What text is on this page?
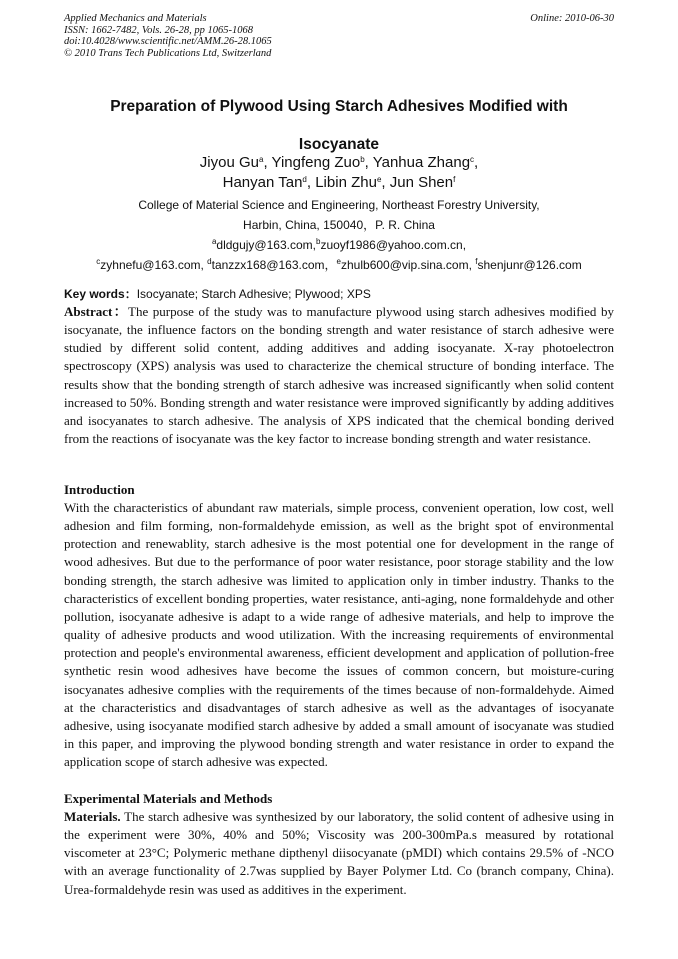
Applied Mechanics and Materials
ISSN: 1662-7482, Vols. 26-28, pp 1065-1068
doi:10.4028/www.scientific.net/AMM.26-28.1065
© 2010 Trans Tech Publications Ltd, Switzerland
Online: 2010-06-30
Preparation of Plywood Using Starch Adhesives Modified with
Isocyanate
Jiyou Gu$^a$, Yingfeng Zuo$^b$, Yanhua Zhang$^c$,
Hanyan Tan$^d$, Libin Zhu$^e$, Jun Shen$^f$
College of Material Science and Engineering, Northeast Forestry University,
Harbin, China, 150040，P. R. China
$^a$dldgujy@163.com,$^b$zuoyf1986@yahoo.com.cn,
$^c$zyhnefu@163.com, $^d$tanzzx168@163.com，$^e$zhulb600@vip.sina.com, $^f$shenjunr@126.com
Key words：Isocyanate; Starch Adhesive; Plywood; XPS

Abstract：The purpose of the study was to manufacture plywood using starch adhesives modified by isocyanate, the influence factors on the bonding strength and water resistance of starch adhesive were studied by different solid content, adding additives and adding isocyanate. X-ray photoelectron spectroscopy (XPS) analysis was used to characterize the chemical structure of bonding interface. The results show that the bonding strength of starch adhesive was increased significantly when solid content increased to 50%. Bonding strength and water resistance were improved significantly by adding additives and isocyanates to starch adhesive. The analysis of XPS indicated that the chemical bonding derived from the reactions of isocyanate was the key factor to increase bonding strength and water resistance.

Introduction

With the characteristics of abundant raw materials, simple process, convenient operation, low cost, well adhesion and film forming, non-formaldehyde emission, as well as the bright spot of environmental protection and renewablity, starch adhesive is the most potential one for development in the range of wood adhesives. But due to the performance of poor water resistance, poor storage stability and the low bonding strength, the starch adhesive was limited to application only in timber industry. Thanks to the characteristics of excellent bonding properties, water resistance, anti-aging, none formaldehyde and other pollution, isocyanate adhesive is adapt to a wide range of adhesive materials, and help to improve the quality of adhesive products and wood utilization. With the increasing requirements of environmental protection and people's environmental awareness, efficient development and application of pollution-free synthetic resin wood adhesives have become the issues of common concern, but moisture-curing isocyanates adhesive complies with the requirements of the times because of non-formaldehyde. Aimed at the characteristics and disadvantages of starch adhesive as well as the advantages of isocyanate adhesive, using isocyanate modified starch adhesive by added a small amount of isocyanate was studied in this paper, and improving the plywood bonding strength and water resistance in order to expand the application scope of starch adhesive was expected.

Experimental Materials and Methods

Materials. The starch adhesive was synthesized by our laboratory, the solid content of adhesive using in the experiment were 30%, 40% and 50%; Viscosity was 200-300mPa.s measured by rotational viscometer at 23°C; Polymeric methane dipthenyl diisocyanate (pMDI) which contains 29.5% of -NCO with an average functionality of 2.7was supplied by Bayer Polymer Ltd. Co (branch company, China). Urea-formaldehyde resin was used as additives in the experiment.
